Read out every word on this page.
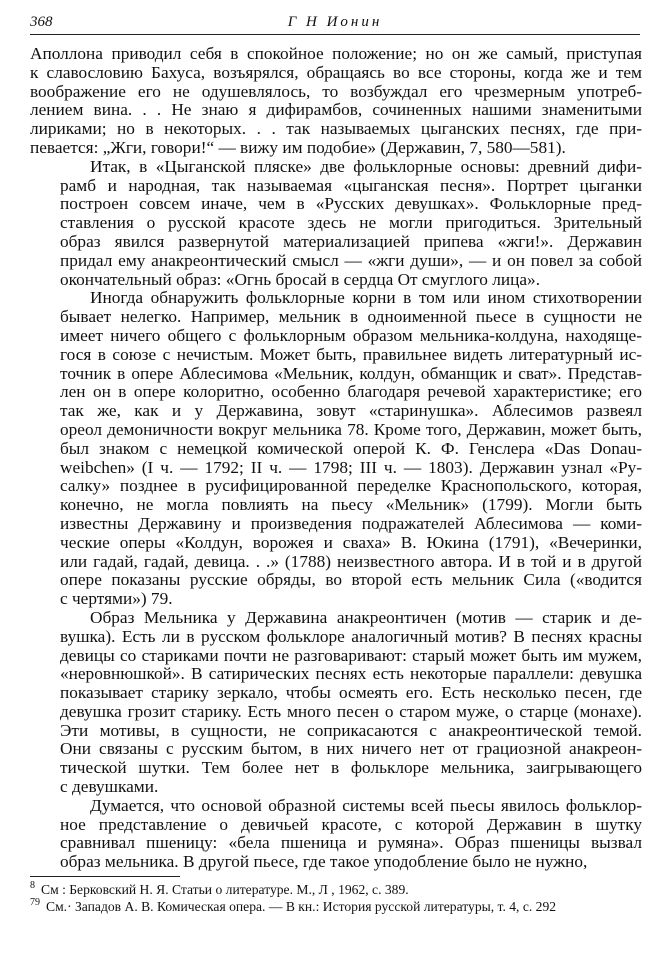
368	Г Н Ионин
Аполлона приводил себя в спокойное положение; но он же самый, приступая
к славословию Бахуса, возъярялся, обращаясь во все стороны, когда же и тем
воображение его не одушевлялось, то возбуждал его чрезмерным употреб-
лением вина. . . Не знаю я дифирамбов, сочиненных нашими знаменитыми
лириками; но в некоторых. . . так называемых цыганских песнях, где при-
певается: „Жги, говори!“ — вижу им подобие» (Державин, 7, 580—581).
Итак, в «Цыганской пляске» две фольклорные основы: древний дифи-
рамб и народная, так называемая «цыганская песня». Портрет цыганки
построен совсем иначе, чем в «Русских девушках». Фольклорные пред-
ставления о русской красоте здесь не могли пригодиться. Зрительный
образ явился развернутой материализацией припева «жги!». Державин
придал ему анакреонтический смысл — «жги души», — и он повел за собой
окончательный образ: «Огнь бросай в сердца От смуглого лица».
Иногда обнаружить фольклорные корни в том или ином стихотворении
бывает нелегко. Например, мельник в одноименной пьесе в сущности не
имеет ничего общего с фольклорным образом мельника-колдуна, находяще-
гося в союзе с нечистым. Может быть, правильнее видеть литературный ис-
точник в опере Аблесимова «Мельник, колдун, обманщик и сват». Представ-
лен он в опере колоритно, особенно благодаря речевой характеристике; его
так же, как и у Державина, зовут «старинушка». Аблесимов развеял
ореол демоничности вокруг мельника 78. Кроме того, Державин, может быть,
был знаком с немецкой комической оперой К. Ф. Генслера «Das Donau-
weibchen» (I ч. — 1792; II ч. — 1798; III ч. — 1803). Державин узнал «Ру-
салку» позднее в русифицированной переделке Краснопольского, которая,
конечно, не могла повлиять на пьесу «Мельник» (1799). Могли быть
известны Державину и произведения подражателей Аблесимова — коми-
ческие оперы «Колдун, ворожея и сваха» В. Юкина (1791), «Вечеринки,
или гадай, гадай, девица. . .» (1788) неизвестного автора. И в той и в другой
опере показаны русские обряды, во второй есть мельник Сила («водится
с чертями») 79.
Образ Мельника у Державина анакреонтичен (мотив — старик и де-
вушка). Есть ли в русском фольклоре аналогичный мотив? В песнях красны
девицы со стариками почти не разговаривают: старый может быть им мужем,
«неровнюшкой». В сатирических песнях есть некоторые параллели: девушка
показывает старику зеркало, чтобы осмеять его. Есть несколько песен, где
девушка грозит старику. Есть много песен о старом муже, о старце (монахе).
Эти мотивы, в сущности, не соприкасаются с анакреонтической темой.
Они связаны с русским бытом, в них ничего нет от грациозной анакреон-
тической шутки. Тем более нет в фольклоре мельника, заигрывающего
с девушками.
Думается, что основой образной системы всей пьесы явилось фольклор-
ное представление о девичьей красоте, с которой Державин в шутку
сравнивал пшеницу: «бела пшеница и румяна». Образ пшеницы вызвал
образ мельника. В другой пьесе, где такое уподобление было не нужно,
$^8$ См : Берковский Н. Я. Статьи о литературе. М., Л , 1962, с. 389.
$^{79}$ См.· Западов А. В. Комическая опера. — В кн.: История русской литературы, т. 4, с. 292
